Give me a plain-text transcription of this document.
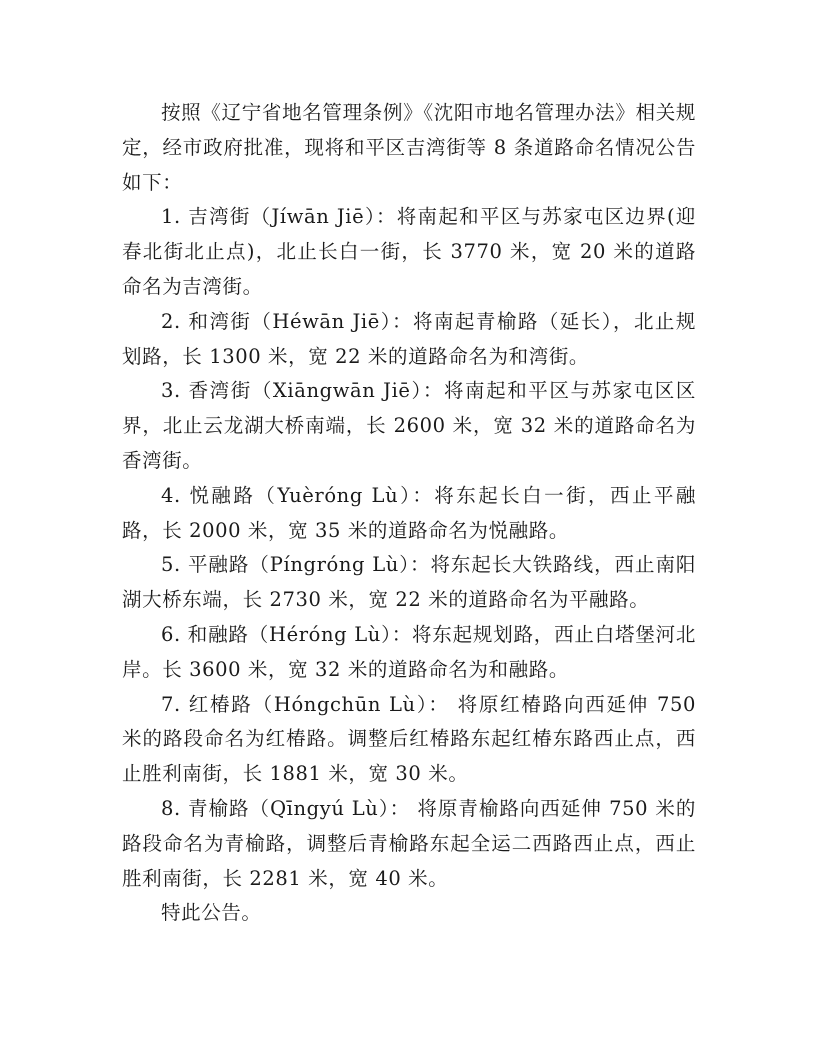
按照《辽宁省地名管理条例》《沈阳市地名管理办法》相关规定，经市政府批准，现将和平区吉湾街等 8 条道路命名情况公告如下：

1. 吉湾街（Jíwān Jiē）：将南起和平区与苏家屯区边界(迎春北街北止点)，北止长白一街，长 3770 米，宽 20 米的道路命名为吉湾街。

2. 和湾街（Héwān Jiē）：将南起青榆路（延长），北止规划路，长 1300 米，宽 22 米的道路命名为和湾街。

3. 香湾街（Xiāngwān Jiē）：将南起和平区与苏家屯区区界，北止云龙湖大桥南端，长 2600 米，宽 32 米的道路命名为香湾街。

4. 悦融路（Yuèróng Lù）：将东起长白一街，西止平融路，长 2000 米，宽 35 米的道路命名为悦融路。

5. 平融路（Píngróng Lù）：将东起长大铁路线，西止南阳湖大桥东端，长 2730 米，宽 22 米的道路命名为平融路。

6. 和融路（Héróng Lù）：将东起规划路，西止白塔堡河北岸。长 3600 米，宽 32 米的道路命名为和融路。

7. 红椿路（Hóngchūn Lù）： 将原红椿路向西延伸 750 米的路段命名为红椿路。调整后红椿路东起红椿东路西止点，西止胜利南街，长 1881 米，宽 30 米。

8. 青榆路（Qīngyú Lù）： 将原青榆路向西延伸 750 米的路段命名为青榆路，调整后青榆路东起全运二西路西止点，西止胜利南街，长 2281 米，宽 40 米。

特此公告。
